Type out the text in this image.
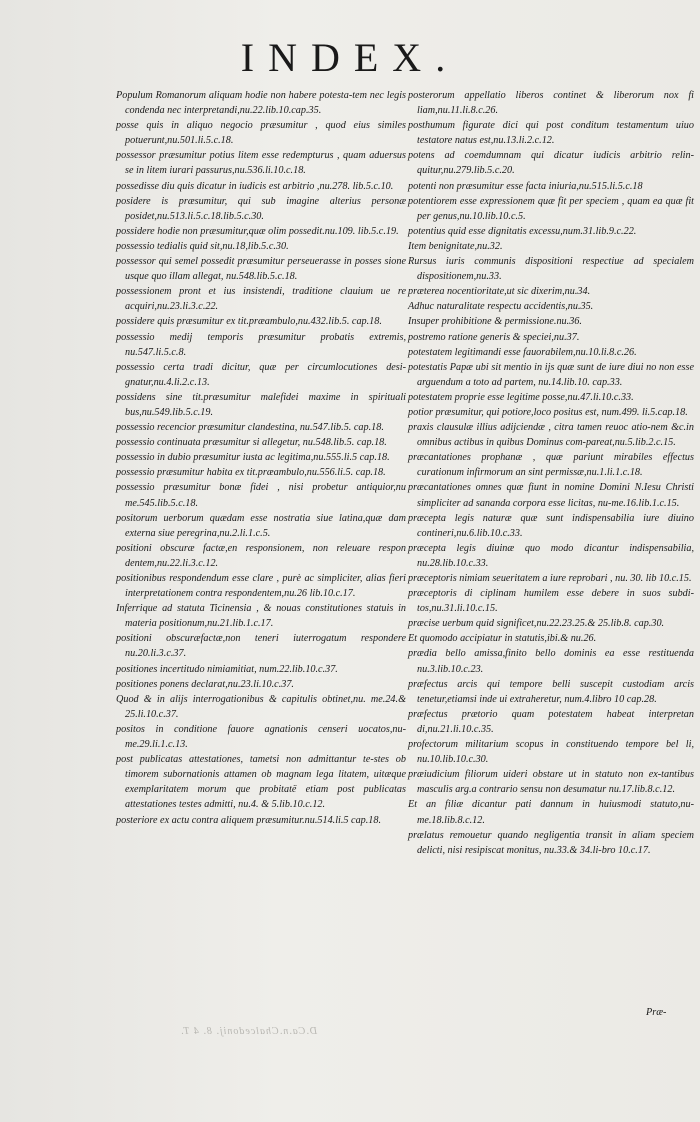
INDEX.

Populum Romanorum aliquam hodie non habere potesta-tem nec legis condenda nec interpretandi,nu.22.lib.10.cap.35.

posse quis in aliquo negocio præsumitur , quod eius similes potuerunt,nu.501.li.5.c.18.

possessor præsumitur potius litem esse redempturus , quam aduersus se in litem iurari passurus,nu.536.li.10.c.18.

possedisse diu quis dicatur in iudicis est arbitrio ,nu.278. lib.5.c.10.

posidere is præsumitur, qui sub imagine alterius personæ posidet,nu.513.li.5.c.18.lib.5.c.30.

possidere hodie non præsumitur,quæ olim possedit.nu.109. lib.5.c.19.

possessio tedialis quid sit,nu.18,lib.5.c.30.

possessor qui semel possedit præsumitur perseuerasse in posses sione usque quo illam allegat, nu.548.lib.5.c.18.

possessionem pront et ius insistendi, traditione clauium ue re acquiri,nu.23.li.3.c.22.

possidere quis præsumitur ex tit.præambulo,nu.432.lib.5. cap.18.

possessio medij temporis præsumitur probatis extremis, nu.547.li.5.c.8.

possessio certa tradi dicitur, quæ per circumlocutiones desi-gnatur,nu.4.li.2.c.13.

possidens sine tit.præsumitur malefidei maxime in spirituali bus,nu.549.lib.5.c.19.

possessio recencior præsumitur clandestina, nu.547.lib.5. cap.18.

possessio continuata præsumitur si allegetur, nu.548.lib.5. cap.18.

possessio in dubio præsumitur iusta ac legitima,nu.555.li.5 cap.18.

possessio præsumitur habita ex tit.præambulo,nu.556.li.5. cap.18.

possessio præsumitur bonæ fidei , nisi probetur antiquior,nu me.545.lib.5.c.18.

positorum uerborum quædam esse nostratia siue latina,quæ dam externa siue peregrina,nu.2.li.1.c.5.

positioni obscuræ factæ,en responsionem, non releuare respon dentem,nu.22.li.3.c.12.

positionibus respondendum esse clare , purè ac simpliciter, alias fieri interpretationem contra respondentem,nu.26 lib.10.c.17.

Inferrique ad statuta Ticinensia , & nouas constitutiones statuis in materia positionum,nu.21.lib.1.c.17.

positioni obscuræfactæ,non teneri iuterrogatum respondere nu.20.li.3.c.37.

positiones incertitudo nimiamitiat, num.22.lib.10.c.37.

positiones ponens declarat,nu.23.li.10.c.37.

Quod & in alijs interrogationibus & capitulis obtinet,nu. me.24.& 25.li.10.c.37.

positos in conditione fauore agnationis censeri uocatos,nu-me.29.li.1.c.13.

post publicatas attestationes, tametsi non admittantur te-stes ob timorem subornationis attamen ob magnam lega litatem, uitæque exemplaritatem morum que probitatë etiam post publicatas attestationes testes admitti, nu.4. & 5.lib.10.c.12.

posteriore ex actu contra aliquem præsumitur.nu.514.li.5 cap.18.

posterorum appellatio liberos continet & liberorum nox fi liam,nu.11.li.8.c.26.

posthumum figurate dici qui post conditum testamentum uiuo testatore natus est,nu.13.li.2.c.12.

potens ad coemdumnam qui dicatur iudicis arbitrio relin-quitur,nu.279.lib.5.c.20.

potenti non præsumitur esse facta iniuria,nu.515.li.5.c.18

potentiorem esse expressionem quæ fit per speciem , quam ea quæ fit per genus,nu.10.lib.10.c.5.

potentius quid esse dignitatis excessu,num.31.lib.9.c.22.

Item benignitate,nu.32.

Rursus iuris communis dispositioni respectiue ad specialem dispositionem,nu.33.

præterea nocentioritate,ut sic dixerim,nu.34.

Adhuc naturalitate respectu accidentis,nu.35.

Insuper prohibitione & permissione.nu.36.

postremo ratione generis & speciei,nu.37.

potestatem legitimandi esse fauorabilem,nu.10.li.8.c.26.

potestatis Papæ ubi sit mentio in ijs quæ sunt de iure diui no non esse arguendum a toto ad partem, nu.14.lib.10. cap.33.

potestatem proprie esse legitime posse,nu.47.li.10.c.33.

potior præsumitur, qui potiore,loco positus est, num.499. li.5.cap.18.

praxis clausulæ illius adijciendæ , citra tamen reuoc atio-nem &c.in omnibus actibus in quibus Dominus com-pareat,nu.5.lib.2.c.15.

præcantationes prophanæ , quæ pariunt mirabiles effectus curationum infirmorum an sint permissæ,nu.1.li.1.c.18.

præcantationes omnes quæ fiunt in nomine Domini N.Iesu Christi simpliciter ad sananda corpora esse licitas, nu-me.16.lib.1.c.15.

præcepta legis naturæ quæ sunt indispensabilia iure diuino contineri,nu.6.lib.10.c.33.

præcepta legis diuinæ quo modo dicantur indispensabilia, nu.28.lib.10.c.33.

præceptoris nimiam seueritatem a iure reprobari , nu. 30. lib 10.c.15.

præceptoris di ciplinam humilem esse debere in suos subdi-tos,nu.31.li.10.c.15.

præcise uerbum quid significet,nu.22.23.25.& 25.lib.8. cap.30.

Et quomodo accipiatur in statutis,ibi.& nu.26.

prædia bello amissa,finito bello dominis ea esse restituenda nu.3.lib.10.c.23.

præfectus arcis qui tempore belli suscepit custodiam arcis tenetur,etiamsi inde ui extraheretur, num.4.libro 10 cap.28.

præfectus prætorio quam potestatem habeat interpretan di,nu.21.li.10.c.35.

profectorum militarium scopus in constituendo tempore bel li, nu.10.lib.10.c.30.

præiudicium filiorum uideri obstare ut in statuto non ex-tantibus masculis arg.a contrario sensu non desumatur nu.17.lib.8.c.12.

Et an filiæ dicantur pati dannum in huiusmodi statuto,nu-me.18.lib.8.c.12.

prælatus remouetur quando negligentia transit in aliam speciem delicti, nisi resipiscat monitus, nu.33.& 34.li-bro 10.c.17.

Præ-
D.Ca.n.Chalcedonij. 8. 4 T.
